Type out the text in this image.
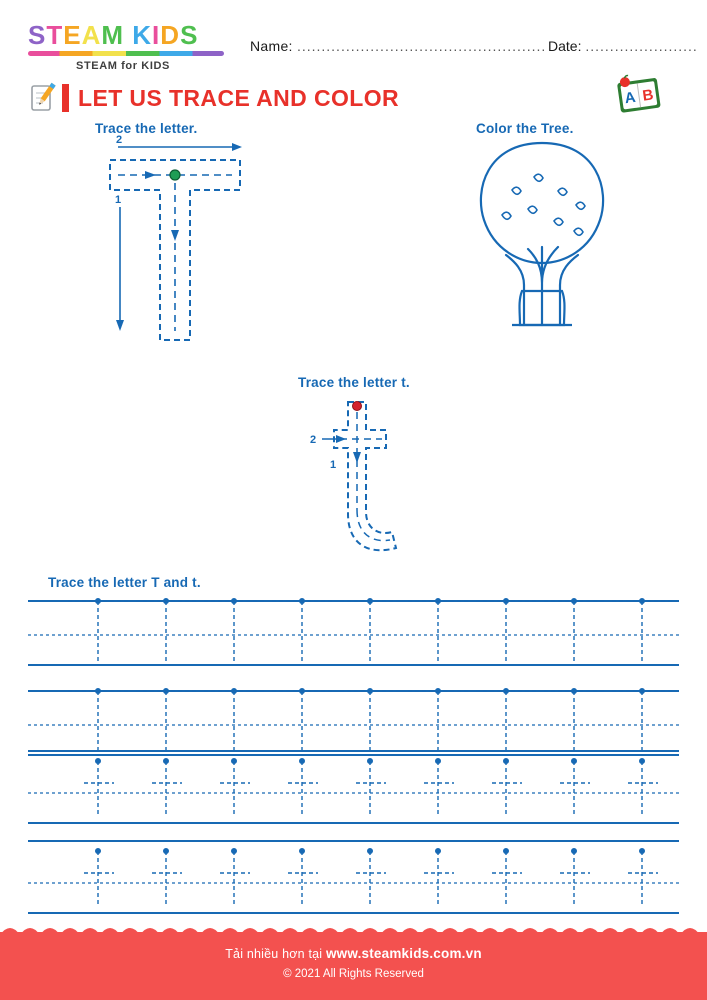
STEAM KIDS
STEAM for KIDS
Name: ................................................... Date: .......................
LET US TRACE AND COLOR	A B
Trace the letter.	Color the Tree.
Trace the letter t.
Trace the letter T and t.
1
2
2
1
Tải nhiều hơn tại www.steamkids.com.vn
© 2021 All Rights Reserved
